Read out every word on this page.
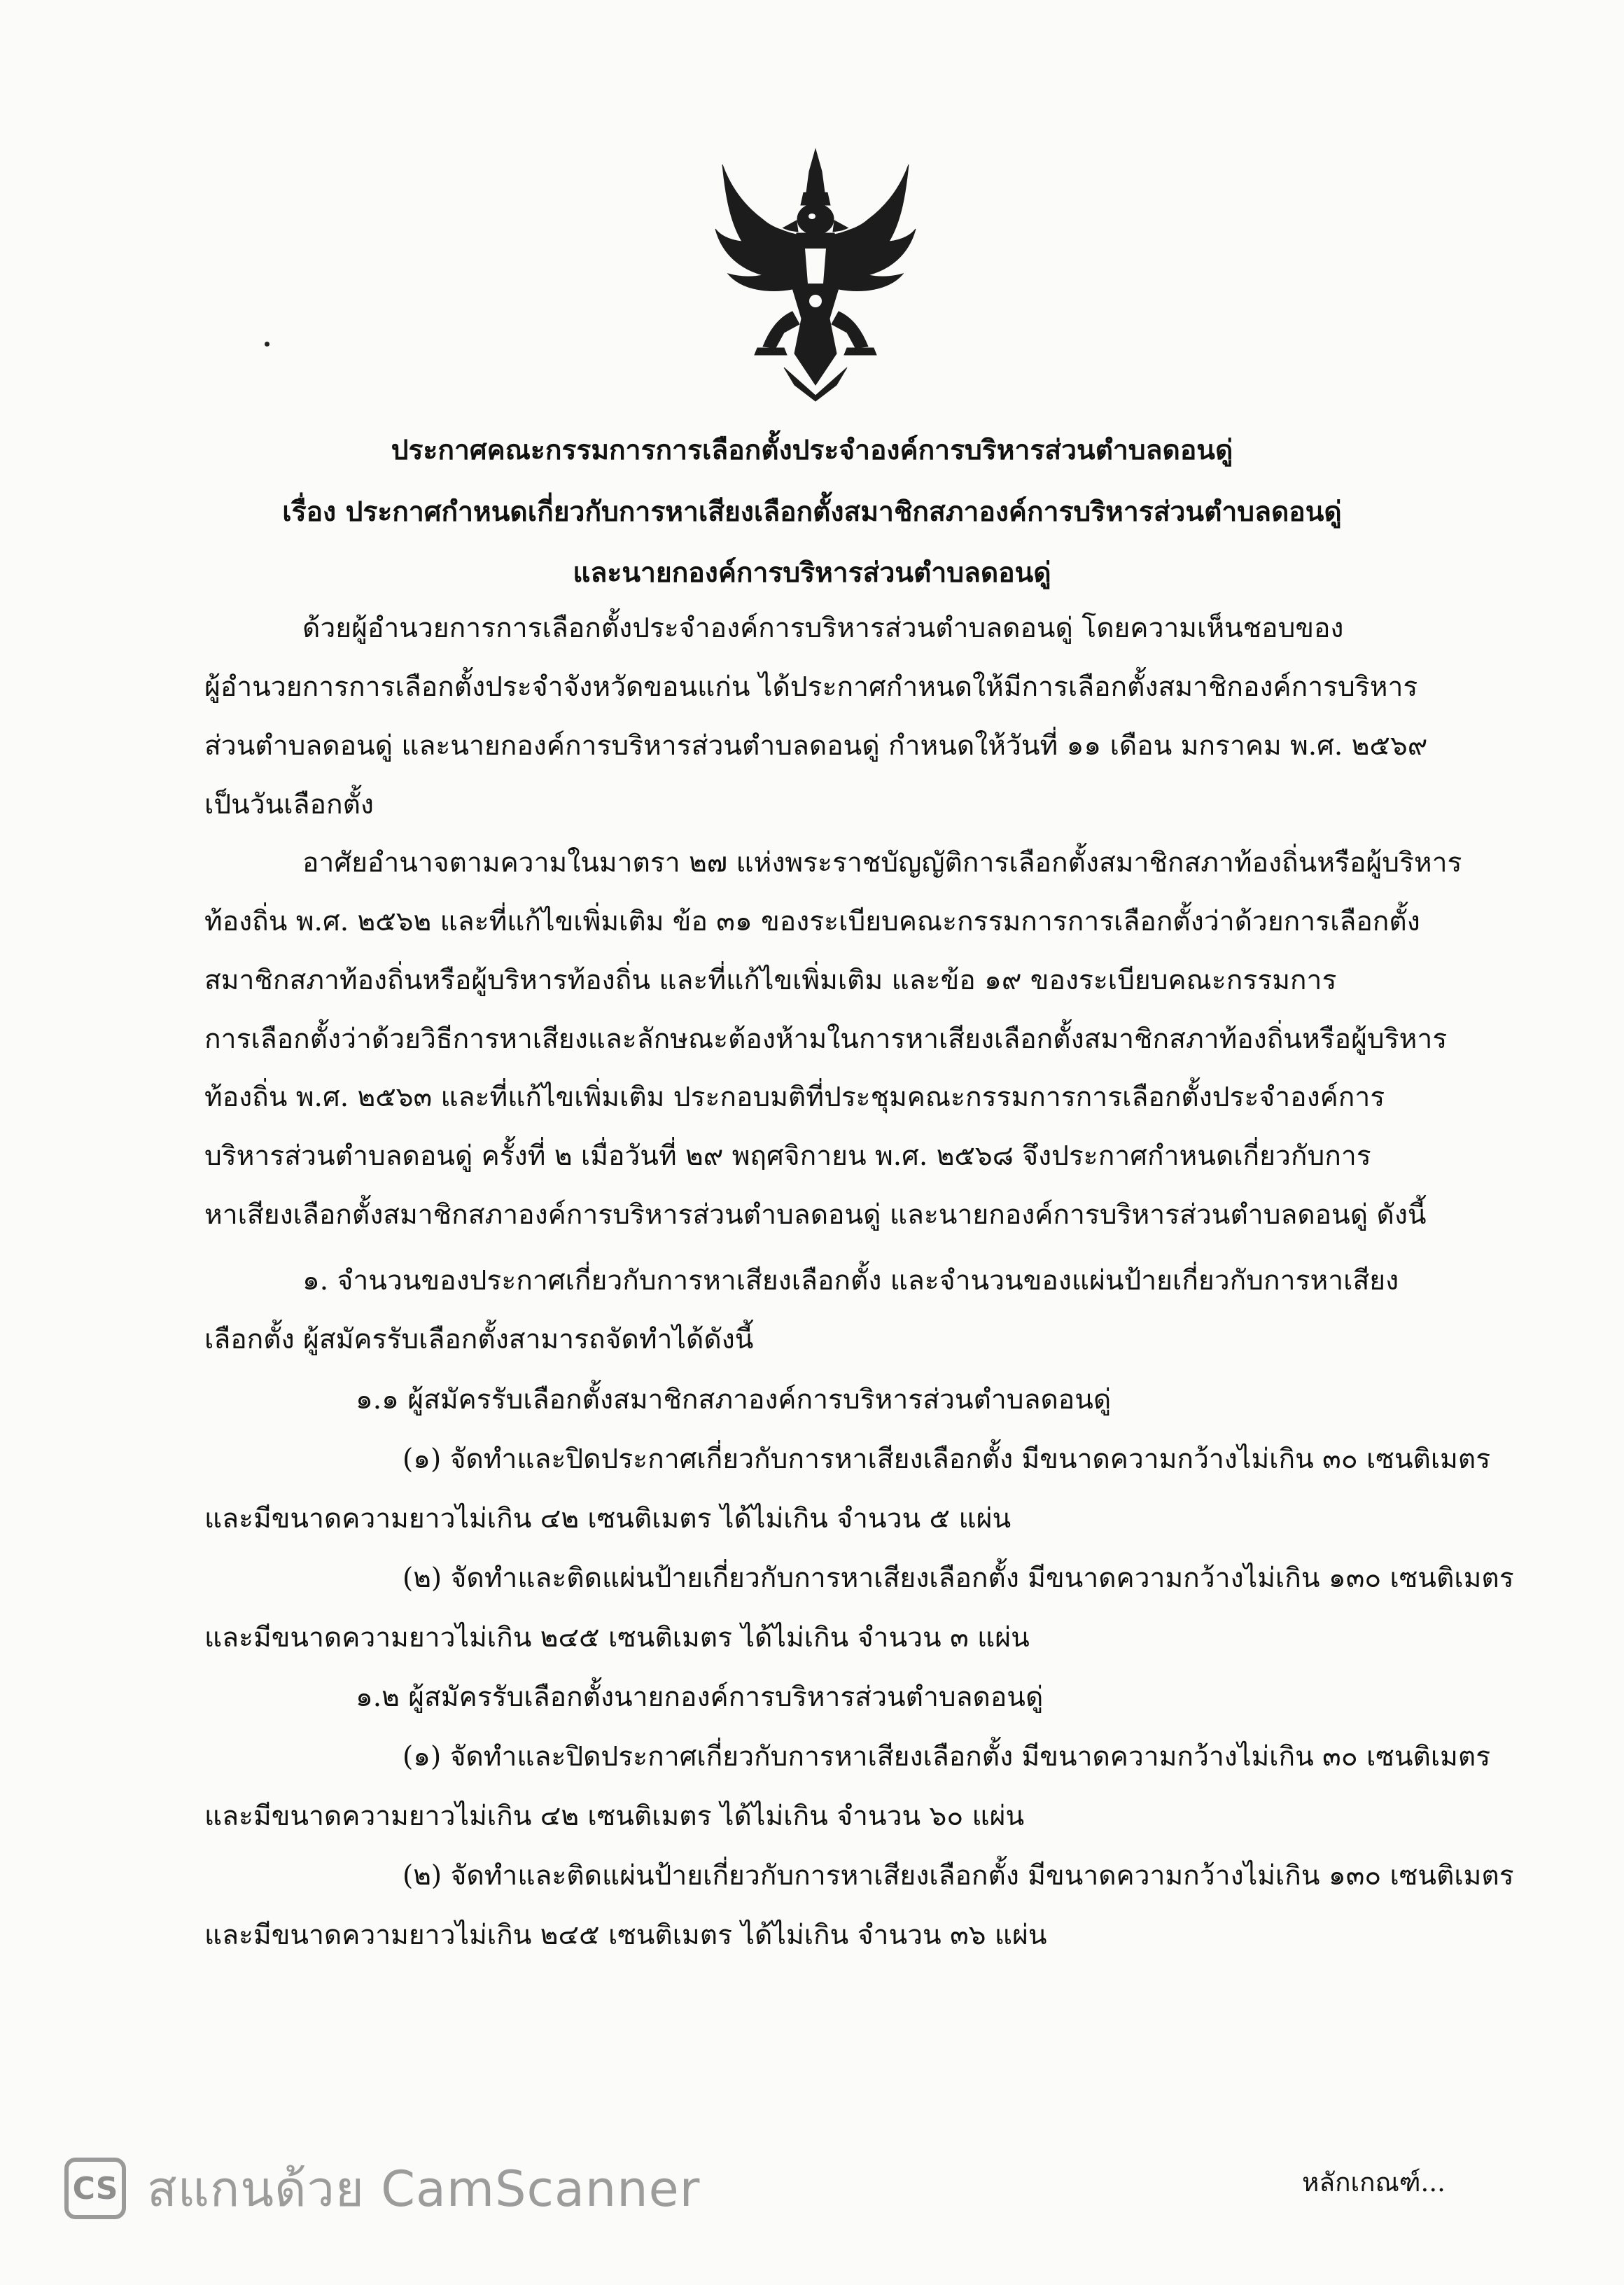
ประกาศคณะกรรมการการเลือกตั้งประจำองค์การบริหารส่วนตำบลดอนดู่
เรื่อง ประกาศกำหนดเกี่ยวกับการหาเสียงเลือกตั้งสมาชิกสภาองค์การบริหารส่วนตำบลดอนดู่
และนายกองค์การบริหารส่วนตำบลดอนดู่
ด้วยผู้อำนวยการการเลือกตั้งประจำองค์การบริหารส่วนตำบลดอนดู่ โดยความเห็นชอบของ
ผู้อำนวยการการเลือกตั้งประจำจังหวัดขอนแก่น ได้ประกาศกำหนดให้มีการเลือกตั้งสมาชิกองค์การบริหาร
ส่วนตำบลดอนดู่ และนายกองค์การบริหารส่วนตำบลดอนดู่ กำหนดให้วันที่ ๑๑ เดือน มกราคม พ.ศ. ๒๕๖๙
เป็นวันเลือกตั้ง
อาศัยอำนาจตามความในมาตรา ๒๗ แห่งพระราชบัญญัติการเลือกตั้งสมาชิกสภาท้องถิ่นหรือผู้บริหาร
ท้องถิ่น พ.ศ. ๒๕๖๒ และที่แก้ไขเพิ่มเติม ข้อ ๓๑ ของระเบียบคณะกรรมการการเลือกตั้งว่าด้วยการเลือกตั้ง
สมาชิกสภาท้องถิ่นหรือผู้บริหารท้องถิ่น และที่แก้ไขเพิ่มเติม และข้อ ๑๙ ของระเบียบคณะกรรมการ
การเลือกตั้งว่าด้วยวิธีการหาเสียงและลักษณะต้องห้ามในการหาเสียงเลือกตั้งสมาชิกสภาท้องถิ่นหรือผู้บริหาร
ท้องถิ่น พ.ศ. ๒๕๖๓ และที่แก้ไขเพิ่มเติม ประกอบมติที่ประชุมคณะกรรมการการเลือกตั้งประจำองค์การ
บริหารส่วนตำบลดอนดู่ ครั้งที่ ๒ เมื่อวันที่ ๒๙ พฤศจิกายน พ.ศ. ๒๕๖๘ จึงประกาศกำหนดเกี่ยวกับการ
หาเสียงเลือกตั้งสมาชิกสภาองค์การบริหารส่วนตำบลดอนดู่ และนายกองค์การบริหารส่วนตำบลดอนดู่ ดังนี้
๑. จำนวนของประกาศเกี่ยวกับการหาเสียงเลือกตั้ง และจำนวนของแผ่นป้ายเกี่ยวกับการหาเสียง
เลือกตั้ง ผู้สมัครรับเลือกตั้งสามารถจัดทำได้ดังนี้
๑.๑ ผู้สมัครรับเลือกตั้งสมาชิกสภาองค์การบริหารส่วนตำบลดอนดู่
(๑) จัดทำและปิดประกาศเกี่ยวกับการหาเสียงเลือกตั้ง มีขนาดความกว้างไม่เกิน ๓๐ เซนติเมตร
และมีขนาดความยาวไม่เกิน ๔๒ เซนติเมตร ได้ไม่เกิน จำนวน ๕ แผ่น
(๒) จัดทำและติดแผ่นป้ายเกี่ยวกับการหาเสียงเลือกตั้ง มีขนาดความกว้างไม่เกิน ๑๓๐ เซนติเมตร
และมีขนาดความยาวไม่เกิน ๒๔๕ เซนติเมตร ได้ไม่เกิน จำนวน ๓ แผ่น
๑.๒ ผู้สมัครรับเลือกตั้งนายกองค์การบริหารส่วนตำบลดอนดู่
(๑) จัดทำและปิดประกาศเกี่ยวกับการหาเสียงเลือกตั้ง มีขนาดความกว้างไม่เกิน ๓๐ เซนติเมตร
และมีขนาดความยาวไม่เกิน ๔๒ เซนติเมตร ได้ไม่เกิน จำนวน ๖๐ แผ่น
(๒) จัดทำและติดแผ่นป้ายเกี่ยวกับการหาเสียงเลือกตั้ง มีขนาดความกว้างไม่เกิน ๑๓๐ เซนติเมตร
และมีขนาดความยาวไม่เกิน ๒๔๕ เซนติเมตร ได้ไม่เกิน จำนวน ๓๖ แผ่น
หลักเกณฑ์...
CS สแกนด้วย CamScanner
